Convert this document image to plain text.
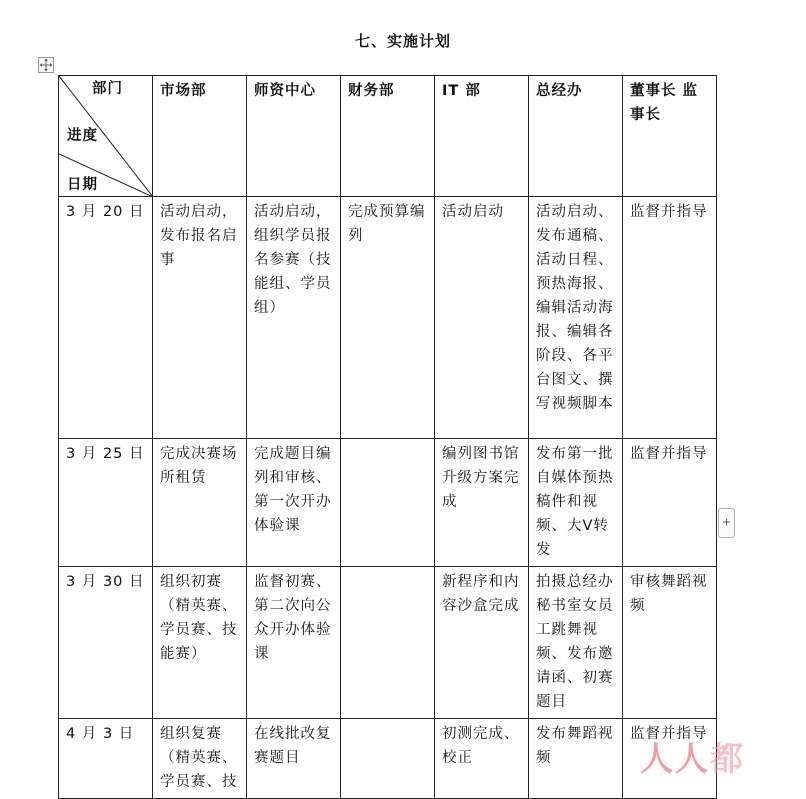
七、实施计划
部门
进度
日期	市场部	师资中心	财务部	IT 部	总经办	董事长 监事长
3 月 20 日	活动启动，发布报名启事	活动启动，组织学员报名参赛（技能组、学员组）	完成预算编列	活动启动	活动启动、发布通稿、活动日程、预热海报、编辑活动海报、编辑各阶段、各平台图文、撰写视频脚本	监督并指导
3 月 25 日	完成决赛场所租赁	完成题目编列和审核、第一次开办体验课		编列图书馆升级方案完成	发布第一批自媒体预热稿件和视频、大V转发	监督并指导
3 月 30 日	组织初赛（精英赛、学员赛、技能赛）	监督初赛、第二次向公众开办体验课		新程序和内容沙盒完成	拍摄总经办秘书室女员工跳舞视频、发布邀请函、初赛题目	审核舞蹈视频
4 月 3 日	组织复赛（精英赛、学员赛、技	在线批改复赛题目		初测完成、校正	发布舞蹈视频	监督并指导
+
人人都
